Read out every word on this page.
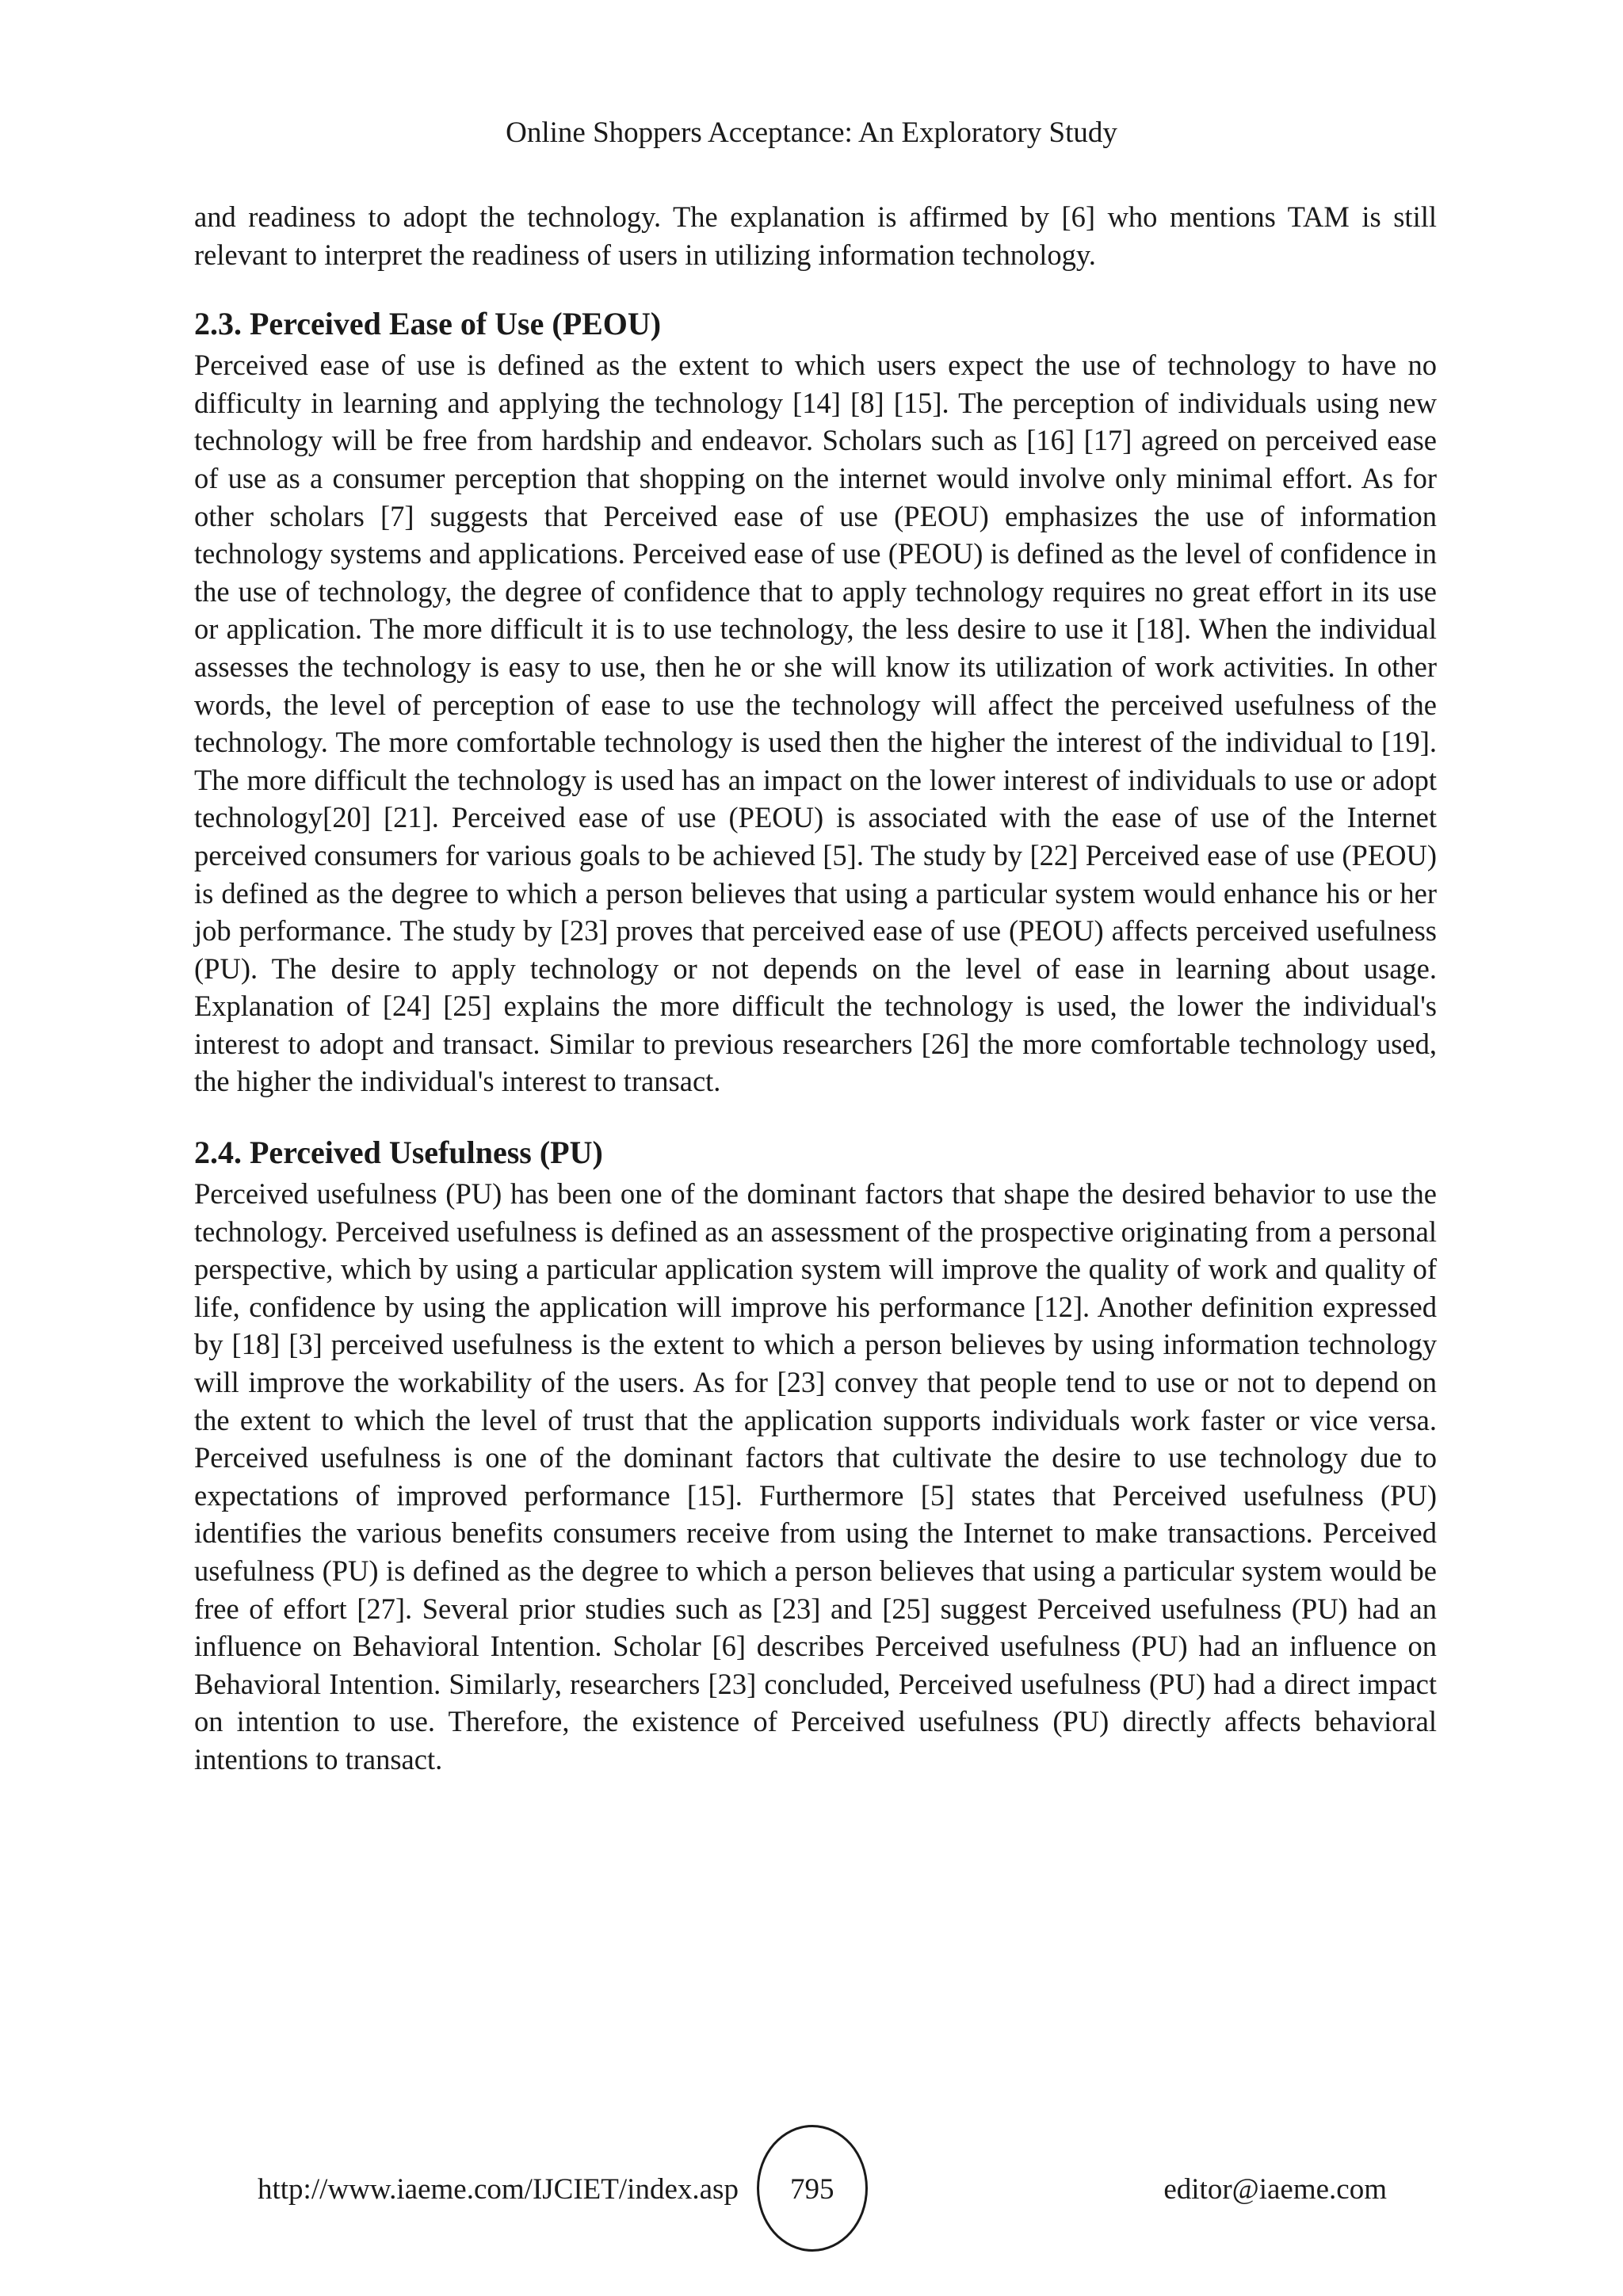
Online Shoppers Acceptance: An Exploratory Study

and readiness to adopt the technology. The explanation is affirmed by [6] who mentions TAM is still relevant to interpret the readiness of users in utilizing information technology.

2.3. Perceived Ease of Use (PEOU)

Perceived ease of use is defined as the extent to which users expect the use of technology to have no difficulty in learning and applying the technology [14] [8] [15]. The perception of individuals using new technology will be free from hardship and endeavor. Scholars such as [16] [17] agreed on perceived ease of use as a consumer perception that shopping on the internet would involve only minimal effort. As for other scholars [7] suggests that Perceived ease of use (PEOU) emphasizes the use of information technology systems and applications. Perceived ease of use (PEOU) is defined as the level of confidence in the use of technology, the degree of confidence that to apply technology requires no great effort in its use or application. The more difficult it is to use technology, the less desire to use it [18]. When the individual assesses the technology is easy to use, then he or she will know its utilization of work activities. In other words, the level of perception of ease to use the technology will affect the perceived usefulness of the technology. The more comfortable technology is used then the higher the interest of the individual to [19]. The more difficult the technology is used has an impact on the lower interest of individuals to use or adopt technology[20] [21]. Perceived ease of use (PEOU) is associated with the ease of use of the Internet perceived consumers for various goals to be achieved [5]. The study by [22] Perceived ease of use (PEOU) is defined as the degree to which a person believes that using a particular system would enhance his or her job performance. The study by [23] proves that perceived ease of use (PEOU) affects perceived usefulness (PU). The desire to apply technology or not depends on the level of ease in learning about usage. Explanation of [24] [25] explains the more difficult the technology is used, the lower the individual's interest to adopt and transact. Similar to previous researchers [26] the more comfortable technology used, the higher the individual's interest to transact.

2.4. Perceived Usefulness (PU)

Perceived usefulness (PU) has been one of the dominant factors that shape the desired behavior to use the technology. Perceived usefulness is defined as an assessment of the prospective originating from a personal perspective, which by using a particular application system will improve the quality of work and quality of life, confidence by using the application will improve his performance [12]. Another definition expressed by [18] [3] perceived usefulness is the extent to which a person believes by using information technology will improve the workability of the users. As for [23] convey that people tend to use or not to depend on the extent to which the level of trust that the application supports individuals work faster or vice versa. Perceived usefulness is one of the dominant factors that cultivate the desire to use technology due to expectations of improved performance [15]. Furthermore [5] states that Perceived usefulness (PU) identifies the various benefits consumers receive from using the Internet to make transactions. Perceived usefulness (PU) is defined as the degree to which a person believes that using a particular system would be free of effort [27]. Several prior studies such as [23] and [25] suggest Perceived usefulness (PU) had an influence on Behavioral Intention. Scholar [6] describes Perceived usefulness (PU) had an influence on Behavioral Intention. Similarly, researchers [23] concluded, Perceived usefulness (PU) had a direct impact on intention to use. Therefore, the existence of Perceived usefulness (PU) directly affects behavioral intentions to transact.

http://www.iaeme.com/IJCIET/index.asp 795	editor@iaeme.com
